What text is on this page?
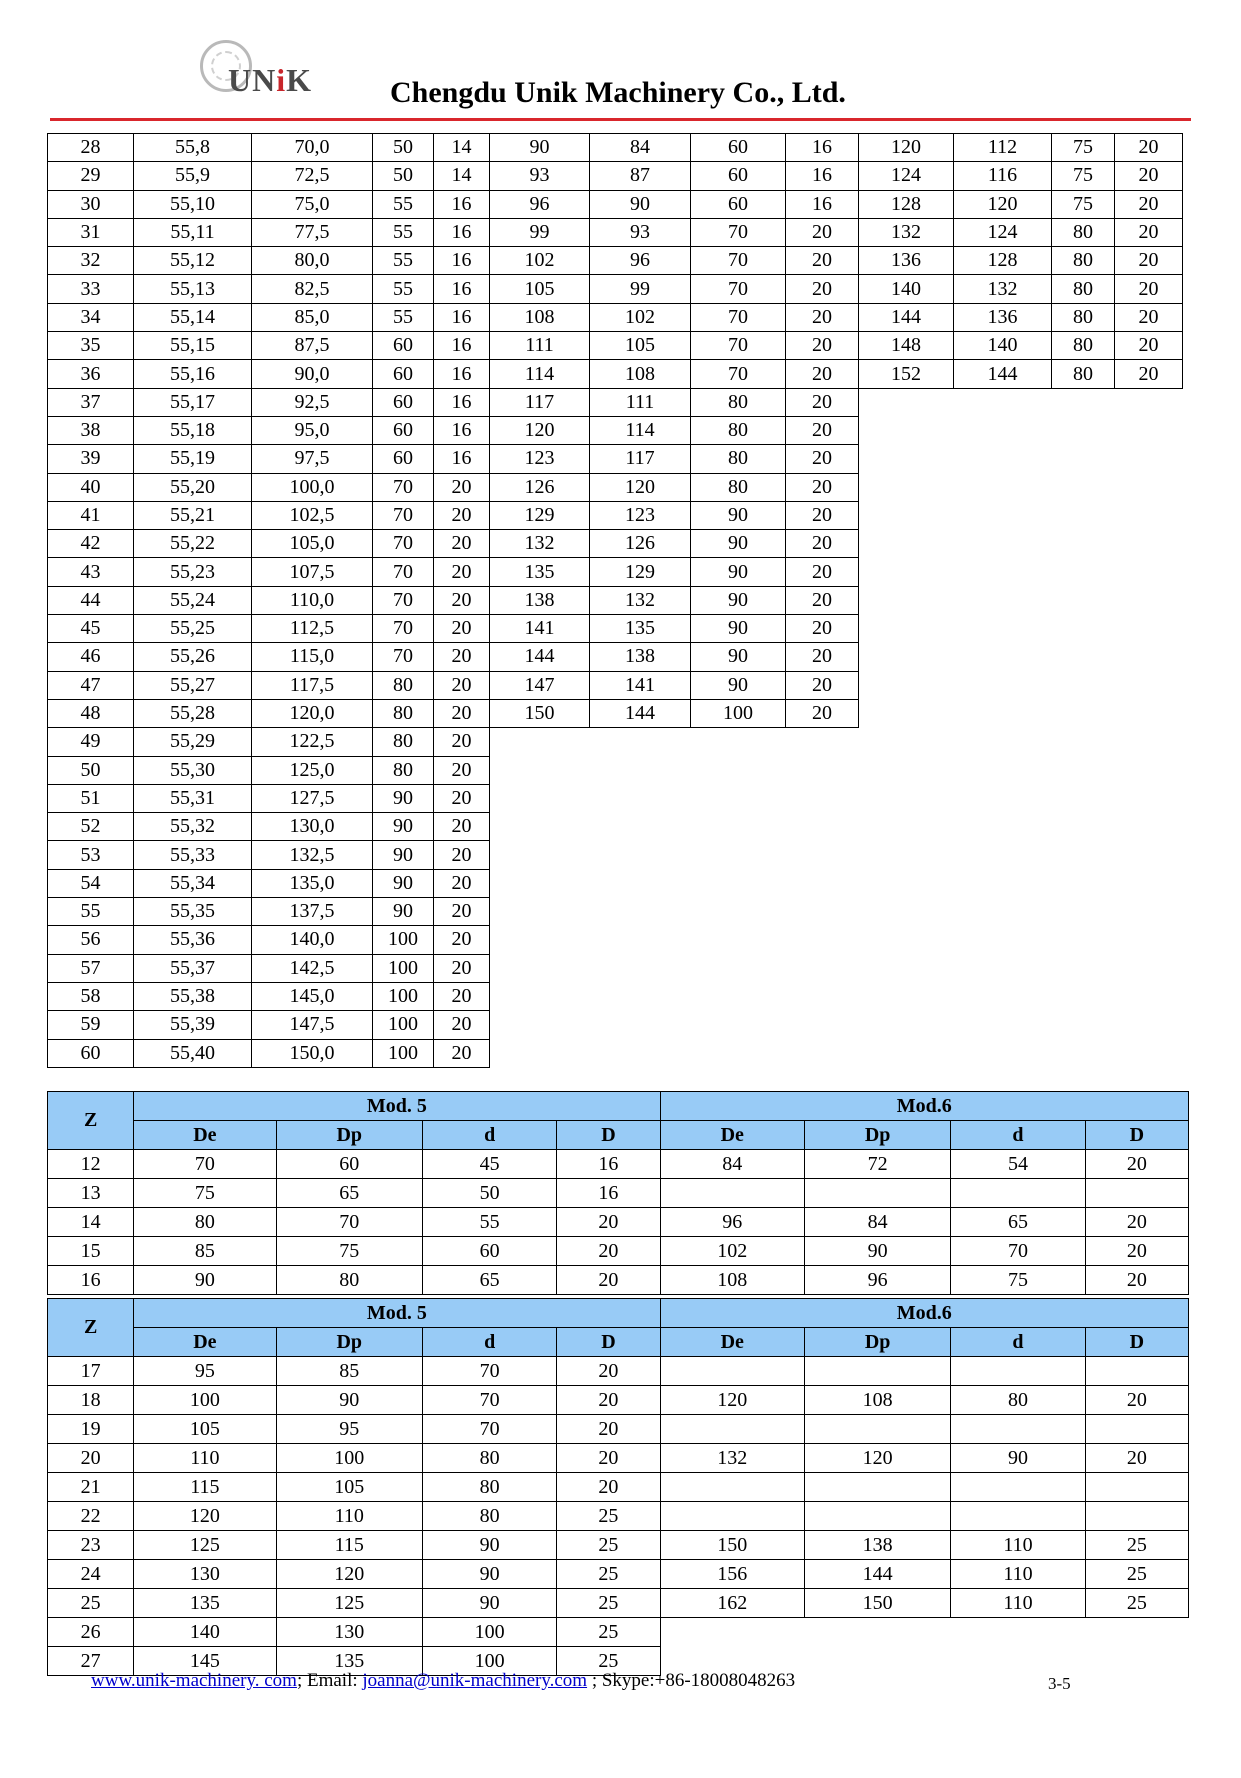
UNiK	Chengdu Unik Machinery Co., Ltd.
28	55,8	70,0	50	14	90	84	60	16	120	112	75	20
29	55,9	72,5	50	14	93	87	60	16	124	116	75	20
30	55,10	75,0	55	16	96	90	60	16	128	120	75	20
31	55,11	77,5	55	16	99	93	70	20	132	124	80	20
32	55,12	80,0	55	16	102	96	70	20	136	128	80	20
33	55,13	82,5	55	16	105	99	70	20	140	132	80	20
34	55,14	85,0	55	16	108	102	70	20	144	136	80	20
35	55,15	87,5	60	16	111	105	70	20	148	140	80	20
36	55,16	90,0	60	16	114	108	70	20	152	144	80	20
37	55,17	92,5	60	16	117	111	80	20				
38	55,18	95,0	60	16	120	114	80	20				
39	55,19	97,5	60	16	123	117	80	20				
40	55,20	100,0	70	20	126	120	80	20				
41	55,21	102,5	70	20	129	123	90	20				
42	55,22	105,0	70	20	132	126	90	20				
43	55,23	107,5	70	20	135	129	90	20				
44	55,24	110,0	70	20	138	132	90	20				
45	55,25	112,5	70	20	141	135	90	20				
46	55,26	115,0	70	20	144	138	90	20				
47	55,27	117,5	80	20	147	141	90	20				
48	55,28	120,0	80	20	150	144	100	20				
49	55,29	122,5	80	20								
50	55,30	125,0	80	20								
51	55,31	127,5	90	20								
52	55,32	130,0	90	20								
53	55,33	132,5	90	20								
54	55,34	135,0	90	20								
55	55,35	137,5	90	20								
56	55,36	140,0	100	20								
57	55,37	142,5	100	20								
58	55,38	145,0	100	20								
59	55,39	147,5	100	20								
60	55,40	150,0	100	20								
Z	Mod. 5				Mod.6			
	De	Dp	d	D	De	Dp	d	D
12	70	60	45	16	84	72	54	20
13	75	65	50	16				
14	80	70	55	20	96	84	65	20
15	85	75	60	20	102	90	70	20
16	90	80	65	20	108	96	75	20
Z	Mod. 5				Mod.6			
	De	Dp	d	D	De	Dp	d	D
17	95	85	70	20				
18	100	90	70	20	120	108	80	20
19	105	95	70	20				
20	110	100	80	20	132	120	90	20
21	115	105	80	20				
22	120	110	80	25				
23	125	115	90	25	150	138	110	25
24	130	120	90	25	156	144	110	25
25	135	125	90	25	162	150	110	25
26	140	130	100	25				
27	145	135	100	25				
www.unik-machinery. com; Email: joanna@unik-machinery.com ; Skype:+86-18008048263	3-5
